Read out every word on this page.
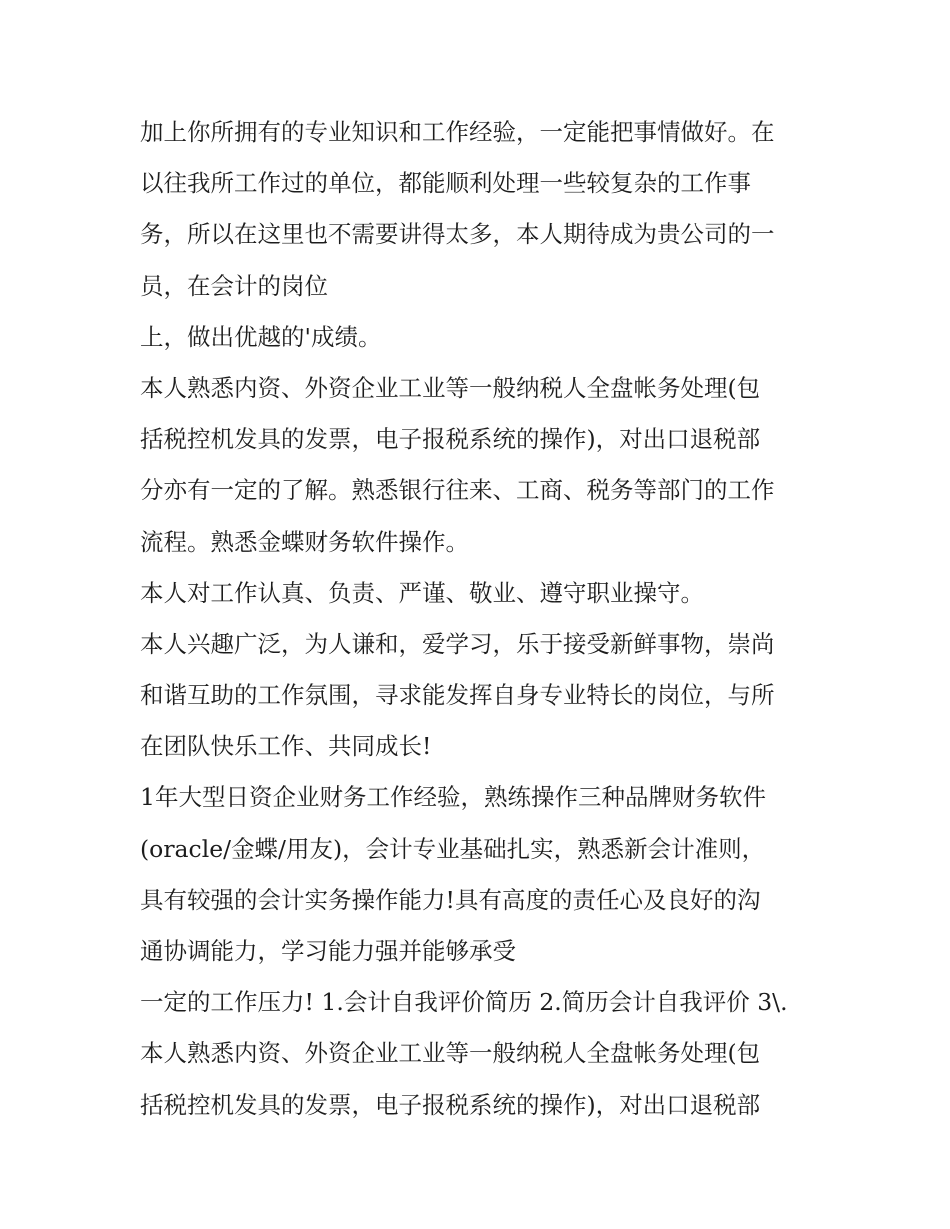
加上你所拥有的专业知识和工作经验，一定能把事情做好。在
以往我所工作过的单位，都能顺利处理一些较复杂的工作事
务，所以在这里也不需要讲得太多，本人期待成为贵公司的一
员，在会计的岗位
上，做出优越的'成绩。
本人熟悉内资、外资企业工业等一般纳税人全盘帐务处理(包
括税控机发具的发票，电子报税系统的操作)，对出口退税部
分亦有一定的了解。熟悉银行往来、工商、税务等部门的工作
流程。熟悉金蝶财务软件操作。
本人对工作认真、负责、严谨、敬业、遵守职业操守。
本人兴趣广泛，为人谦和，爱学习，乐于接受新鲜事物，崇尚
和谐互助的工作氛围，寻求能发挥自身专业特长的岗位，与所
在团队快乐工作、共同成长!
1年大型日资企业财务工作经验，熟练操作三种品牌财务软件
(oracle/金蝶/用友)，会计专业基础扎实，熟悉新会计准则，
具有较强的会计实务操作能力!具有高度的责任心及良好的沟
通协调能力，学习能力强并能够承受
一定的工作压力! 1.会计自我评价简历 2.简历会计自我评价 3\.
本人熟悉内资、外资企业工业等一般纳税人全盘帐务处理(包
括税控机发具的发票，电子报税系统的操作)，对出口退税部
